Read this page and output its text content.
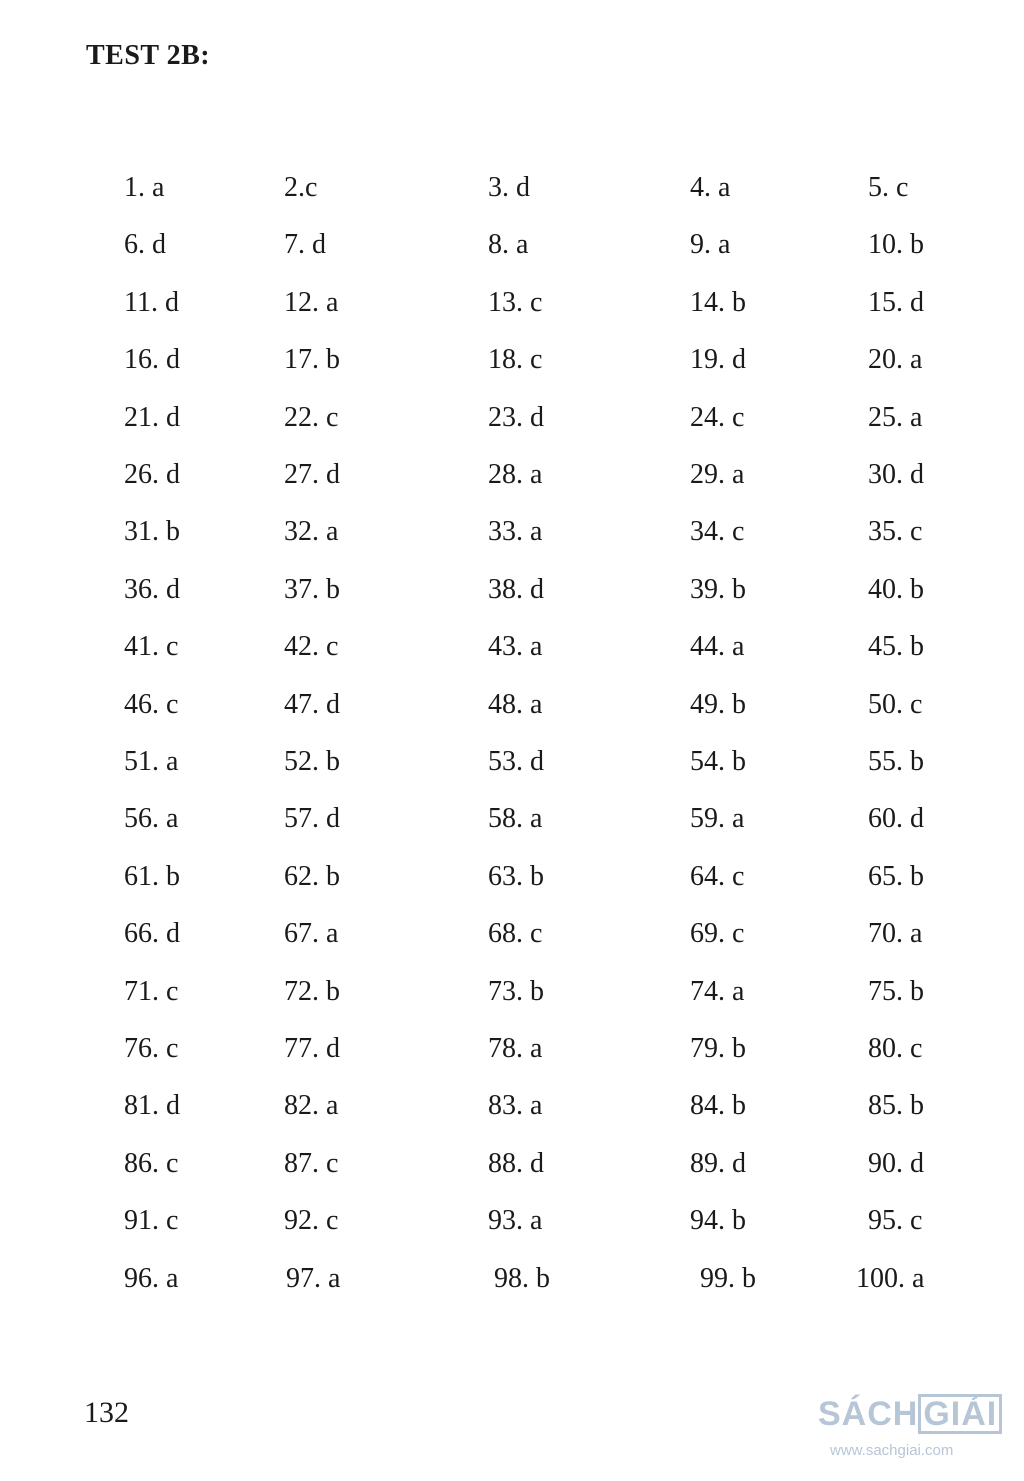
TEST 2B:
1. a	2.c	3. d	4. a	5. c
6. d	7. d	8. a	9. a	10. b
11. d	12. a	13. c	14. b	15. d
16. d	17. b	18. c	19. d	20. a
21. d	22. c	23. d	24. c	25. a
26. d	27. d	28. a	29. a	30. d
31. b	32. a	33. a	34. c	35. c
36. d	37. b	38. d	39. b	40. b
41. c	42. c	43. a	44. a	45. b
46. c	47. d	48. a	49. b	50. c
51. a	52. b	53. d	54. b	55. b
56. a	57. d	58. a	59. a	60. d
61. b	62. b	63. b	64. c	65. b
66. d	67. a	68. c	69. c	70. a
71. c	72. b	73. b	74. a	75. b
76. c	77. d	78. a	79. b	80. c
81. d	82. a	83. a	84. b	85. b
86. c	87. c	88. d	89. d	90. d
91. c	92. c	93. a	94. b	95. c
96. a	97. a	98. b	99. b	100. a
132	SÁCH GIẢI
www.sachgiai.com
